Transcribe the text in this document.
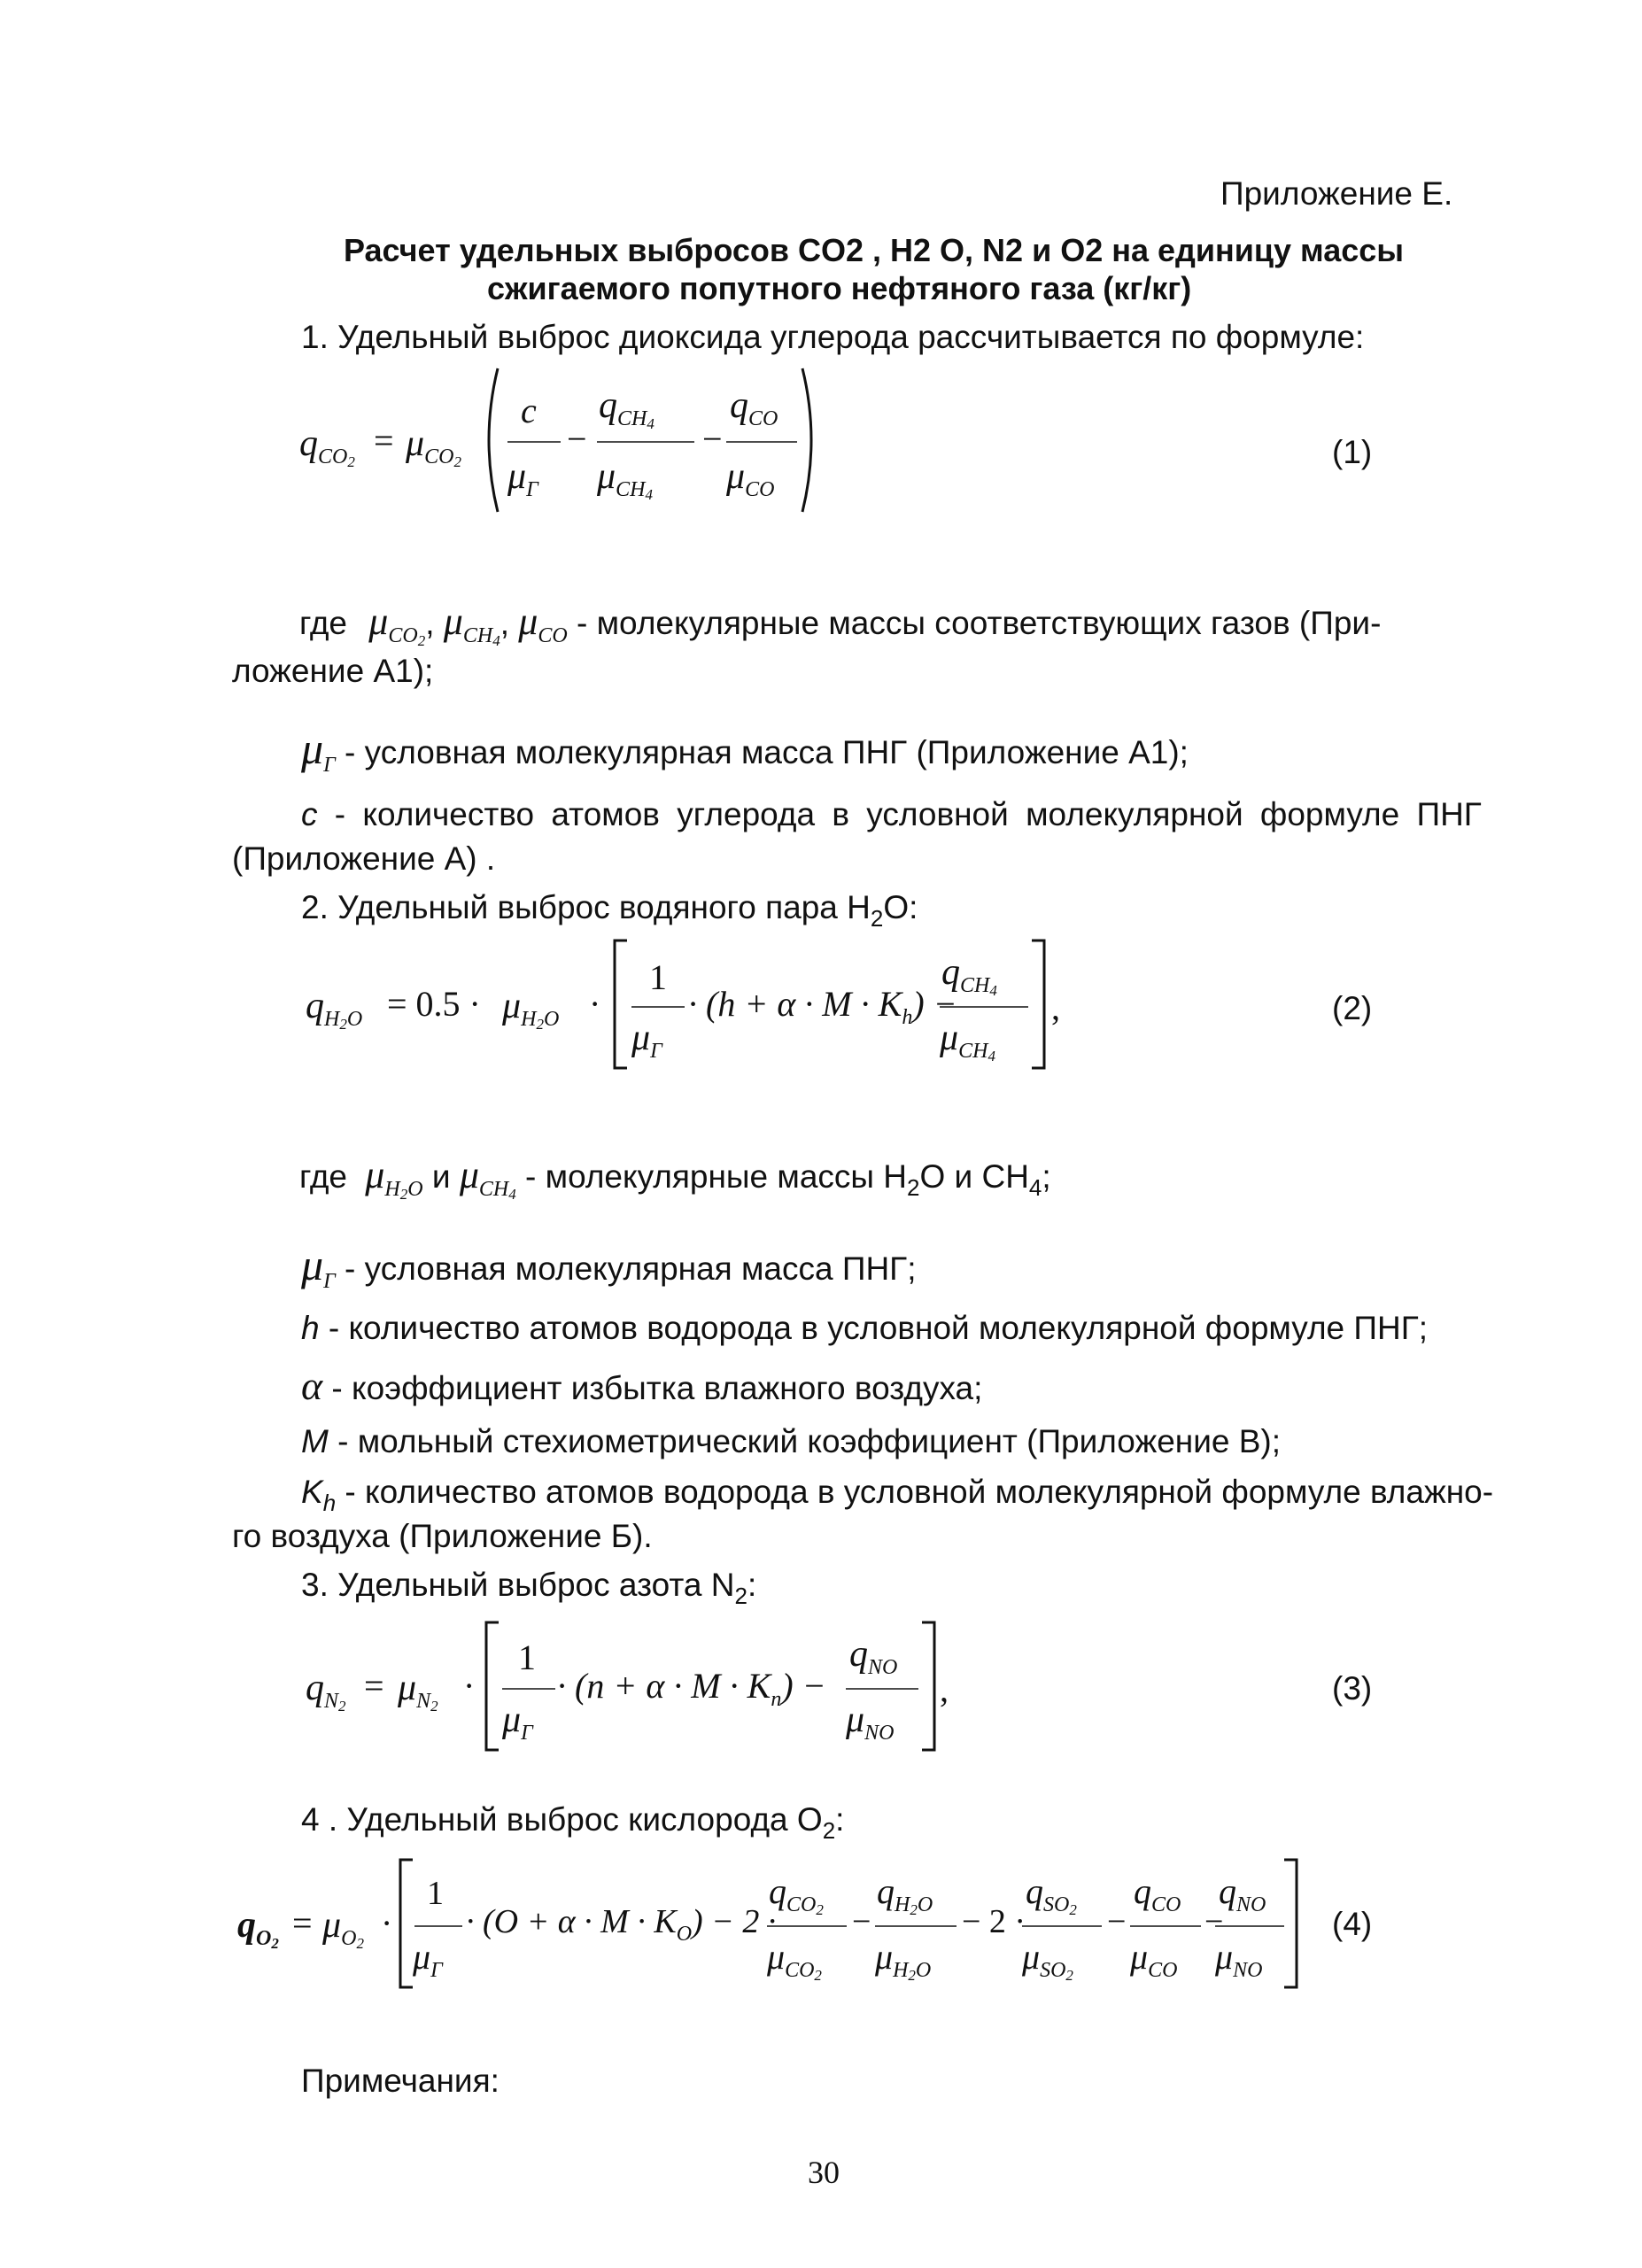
Приложение Е.
Расчет удельных выбросов CO2 , H2 O, N2 и O2 на единицу массы
сжигаемого попутного нефтяного газа (кг/кг)
1. Удельный выброс диоксида углерода рассчитывается по формуле:
$q_{CO2}$
= $\mu_{CO2}$
c
$\mu_\Gamma$
−
$q_{CH4}$
$\mu_{CH4}$
−
$q_{CO}$
$\mu_{CO}$
(1)
где $\mu_{CO2}$, $\mu_{CH4}$, $\mu_{CO}$ - молекулярные массы соответствующих газов (При-
ложение А1);
$\mu_\Gamma$ - условная молекулярная масса ПНГ (Приложение А1);
с - количество атомов углерода в условной молекулярной формуле ПНГ
(Приложение А) .
2. Удельный выброс водяного пара $H_2O$:
$q_{H2O} = 0.5 \cdot \mu_{H2O}$ ·
1
$\mu_\Gamma$
· $(h + \alpha \cdot M \cdot K_h)$ −
$q_{CH4}$
$\mu_{CH4}$
,	(2)
где $\mu_{H2O}$ и $\mu_{CH4}$ - молекулярные массы $H_2O$ и $CH_4$;
$\mu_\Gamma$ - условная молекулярная масса ПНГ;
h - количество атомов водорода в условной молекулярной формуле ПНГ;
α - коэффициент избытка влажного воздуха;
M - мольный стехиометрический коэффициент (Приложение В);
$K_h$ - количество атомов водорода в условной молекулярной формуле влажно-
го воздуха (Приложение Б).
3. Удельный выброс азота $N_2$:
$q_{N2}$
= $\mu_{N2}$
·
1
$\mu_\Gamma$
· $(n + \alpha \cdot M \cdot K_n)$ −
$q_{NO}$
$\mu_{NO}$
,	(3)
4 . Удельный выброс кислорода $O_2$:
$q_{O2}$
= $\mu_{O2}$
·
1
$\mu_\Gamma$
· $(O + \alpha \cdot M \cdot K_O) - 2$ ·
$q_{CO2}$
$\mu_{CO2}$
−
$q_{H2O}$
$\mu_{H2O}$
− 2 ·
$q_{SO2}$
$\mu_{SO2}$
−
$q_{CO}$
$\mu_{CO}$
−
$q_{NO}$
$\mu_{NO}$
(4)
Примечания:
30
